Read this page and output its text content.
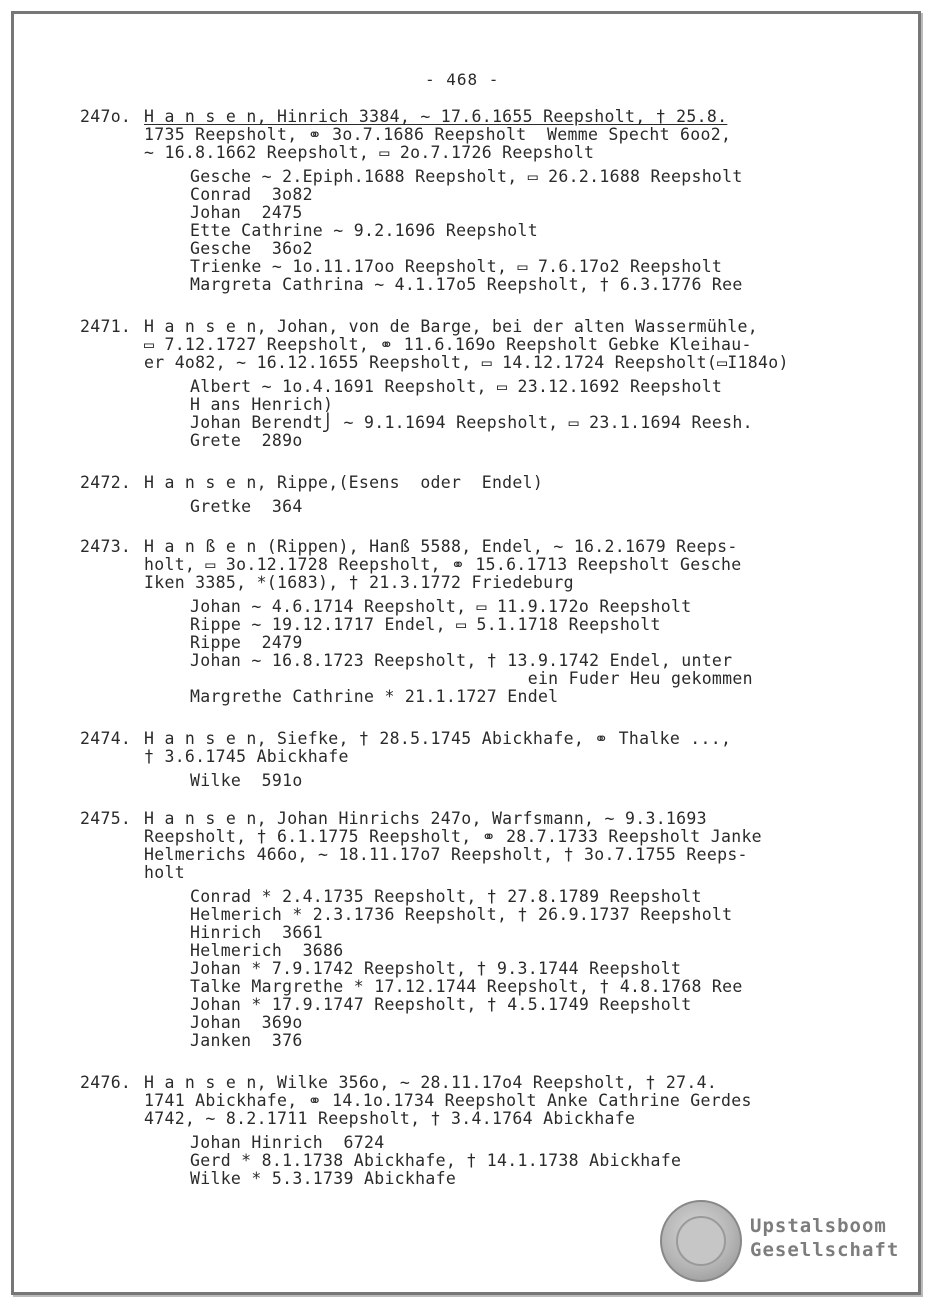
- 468 -
247o. H a n s e n, Hinrich 3384, ~ 17.6.1655 Reepsholt, † 25.8.
1735 Reepsholt, ⚭ 3o.7.1686 Reepsholt  Wemme Specht 6oo2,
~ 16.8.1662 Reepsholt, ▭ 2o.7.1726 Reepsholt
Gesche ~ 2.Epiph.1688 Reepsholt, ▭ 26.2.1688 Reepsholt
Conrad  3o82
Johan  2475
Ette Cathrine ~ 9.2.1696 Reepsholt
Gesche  36o2
Trienke ~ 1o.11.17oo Reepsholt, ▭ 7.6.17o2 Reepsholt
Margreta Cathrina ~ 4.1.17o5 Reepsholt, † 6.3.1776 Ree
2471. H a n s e n, Johan, von de Barge, bei der alten Wassermühle,
▭ 7.12.1727 Reepsholt, ⚭ 11.6.169o Reepsholt Gebke Kleihau-
er 4o82, ~ 16.12.1655 Reepsholt, ▭ 14.12.1724 Reepsholt(▭I184o)
Albert ~ 1o.4.1691 Reepsholt, ▭ 23.12.1692 Reepsholt
H ans Henrich)
Johan Berendt⎭ ~ 9.1.1694 Reepsholt, ▭ 23.1.1694 Reesh.
Grete  289o
2472. H a n s e n, Rippe,(Esens  oder  Endel)
Gretke  364
2473. H a n ß e n (Rippen), Hanß 5588, Endel, ~ 16.2.1679 Reeps-
holt, ▭ 3o.12.1728 Reepsholt, ⚭ 15.6.1713 Reepsholt Gesche
Iken 3385, *(1683), † 21.3.1772 Friedeburg
Johan ~ 4.6.1714 Reepsholt, ▭ 11.9.172o Reepsholt
Rippe ~ 19.12.1717 Endel, ▭ 5.1.1718 Reepsholt
Rippe  2479
Johan ~ 16.8.1723 Reepsholt, † 13.9.1742 Endel, unter
ein Fuder Heu gekommen
Margrethe Cathrine * 21.1.1727 Endel
2474. H a n s e n, Siefke, † 28.5.1745 Abickhafe, ⚭ Thalke ...,
† 3.6.1745 Abickhafe
Wilke  591o
2475. H a n s e n, Johan Hinrichs 247o, Warfsmann, ~ 9.3.1693
Reepsholt, † 6.1.1775 Reepsholt, ⚭ 28.7.1733 Reepsholt Janke
Helmerichs 466o, ~ 18.11.17o7 Reepsholt, † 3o.7.1755 Reeps-
holt
Conrad * 2.4.1735 Reepsholt, † 27.8.1789 Reepsholt
Helmerich * 2.3.1736 Reepsholt, † 26.9.1737 Reepsholt
Hinrich  3661
Helmerich  3686
Johan * 7.9.1742 Reepsholt, † 9.3.1744 Reepsholt
Talke Margrethe * 17.12.1744 Reepsholt, † 4.8.1768 Ree
Johan * 17.9.1747 Reepsholt, † 4.5.1749 Reepsholt
Johan  369o
Janken  376
2476. H a n s e n, Wilke 356o, ~ 28.11.17o4 Reepsholt, † 27.4.
1741 Abickhafe, ⚭ 14.1o.1734 Reepsholt Anke Cathrine Gerdes
4742, ~ 8.2.1711 Reepsholt, † 3.4.1764 Abickhafe
Johan Hinrich  6724
Gerd * 8.1.1738 Abickhafe, † 14.1.1738 Abickhafe
Wilke * 5.3.1739 Abickhafe
Upstalsboom
Gesellschaft
